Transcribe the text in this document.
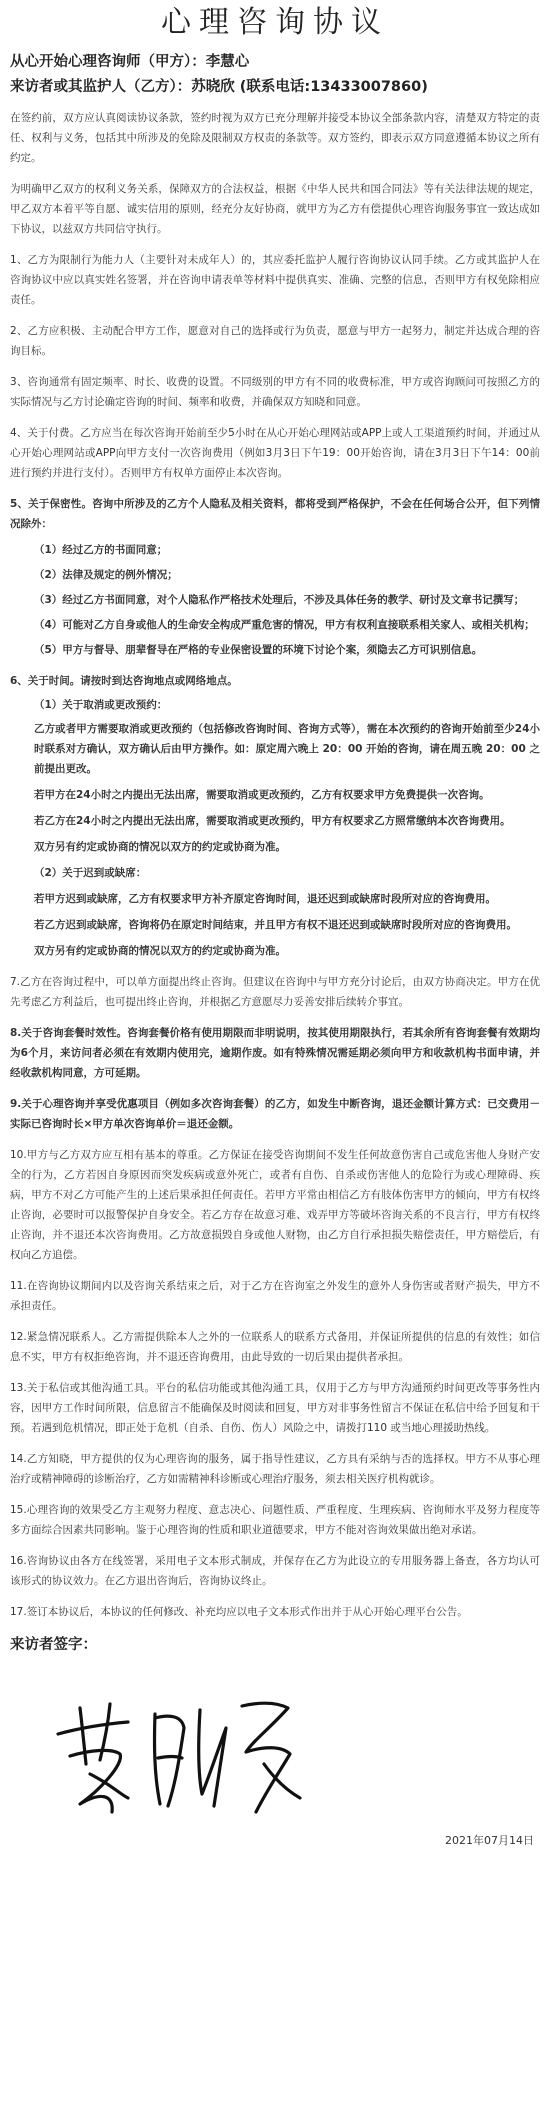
心理咨询协议
从心开始心理咨询师（甲方）：李慧心
来访者或其监护人（乙方）：苏晓欣 (联系电话:13433007860)

在签约前，双方应认真阅读协议条款，签约时视为双方已充分理解并接受本协议全部条款内容，清楚双方特定的责任、权利与义务，包括其中所涉及的免除及限制双方权责的条款等。双方签约，即表示双方同意遵循本协议之所有约定。

为明确甲乙双方的权利义务关系，保障双方的合法权益，根据《中华人民共和国合同法》等有关法律法规的规定，甲乙双方本着平等自愿、诚实信用的原则，经充分友好协商，就甲方为乙方有偿提供心理咨询服务事宜一致达成如下协议，以兹双方共同信守执行。

1、乙方为限制行为能力人（主要针对未成年人）的，其应委托监护人履行咨询协议认同手续。乙方或其监护人在咨询协议中应以真实姓名签署，并在咨询申请表单等材料中提供真实、准确、完整的信息，否则甲方有权免除相应责任。

2、乙方应积极、主动配合甲方工作，愿意对自己的选择或行为负责，愿意与甲方一起努力，制定并达成合理的咨询目标。

3、咨询通常有固定频率、时长、收费的设置。不同级别的甲方有不同的收费标准，甲方或咨询顾问可按照乙方的实际情况与乙方讨论确定咨询的时间、频率和收费，并确保双方知晓和同意。

4、关于付费。乙方应当在每次咨询开始前至少5小时在从心开始心理网站或APP上或人工渠道预约时间，并通过从心开始心理网站或APP向甲方支付一次咨询费用（例如3月3日下午19：00开始咨询，请在3月3日下午14：00前进行预约并进行支付）。否则甲方有权单方面停止本次咨询。

5、关于保密性。咨询中所涉及的乙方个人隐私及相关资料，都将受到严格保护，不会在任何场合公开，但下列情况除外：

（1）经过乙方的书面同意；

（2）法律及规定的例外情况；

（3）经过乙方书面同意，对个人隐私作严格技术处理后，不涉及具体任务的教学、研讨及文章书记撰写；

（4）可能对乙方自身或他人的生命安全构成严重危害的情况，甲方有权利直接联系相关家人、或相关机构；

（5）甲方与督导、朋辈督导在严格的专业保密设置的环境下讨论个案，须隐去乙方可识别信息。

6、关于时间。请按时到达咨询地点或网络地点。

（1）关于取消或更改预约：

乙方或者甲方需要取消或更改预约（包括修改咨询时间、咨询方式等），需在本次预约的咨询开始前至少24小时联系对方确认，双方确认后由甲方操作。如：原定周六晚上 20：00 开始的咨询，请在周五晚 20：00 之前提出更改。

若甲方在24小时之内提出无法出席，需要取消或更改预约，乙方有权要求甲方免费提供一次咨询。

若乙方在24小时之内提出无法出席，需要取消或更改预约，甲方有权要求乙方照常缴纳本次咨询费用。

双方另有约定或协商的情况以双方的约定或协商为准。

（2）关于迟到或缺席：

若甲方迟到或缺席，乙方有权要求甲方补齐原定咨询时间，退还迟到或缺席时段所对应的咨询费用。

若乙方迟到或缺席，咨询将仍在原定时间结束，并且甲方有权不退还迟到或缺席时段所对应的咨询费用。

双方另有约定或协商的情况以双方的约定或协商为准。

7.乙方在咨询过程中，可以单方面提出终止咨询。但建议在咨询中与甲方充分讨论后，由双方协商决定。甲方在优先考虑乙方利益后，也可提出终止咨询，并根据乙方意愿尽力妥善安排后续转介事宜。

8.关于咨询套餐时效性。咨询套餐价格有使用期限而非明说明，按其使用期限执行，若其余所有咨询套餐有效期均为6个月，来访问者必须在有效期内使用完，逾期作废。如有特殊情况需延期必须向甲方和收款机构书面申请，并经收款机构同意，方可延期。

9.关于心理咨询并享受优惠项目（例如多次咨询套餐）的乙方，如发生中断咨询，退还金额计算方式：已交费用－实际已咨询时长×甲方单次咨询单价＝退还金额。

10.甲方与乙方双方应互相有基本的尊重。乙方保证在接受咨询期间不发生任何故意伤害自己或危害他人身财产安全的行为，乙方若因自身原因而突发疾病或意外死亡，或者有自伤、自杀或伤害他人的危险行为或心理障碍、疾病，甲方不对乙方可能产生的上述后果承担任何责任。若甲方平常由相信乙方有肢体伤害甲方的倾向，甲方有权终止咨询，必要时可以报警保护自身安全。若乙方存在故意习难、戏弄甲方等破坏咨询关系的不良言行，甲方有权终止咨询，并不退还本次咨询费用。乙方故意损毁自身或他人财物，由乙方自行承担损失赔偿责任，甲方赔偿后，有权向乙方追偿。

11.在咨询协议期间内以及咨询关系结束之后，对于乙方在咨询室之外发生的意外人身伤害或者财产损失，甲方不承担责任。

12.紧急情况联系人。乙方需提供除本人之外的一位联系人的联系方式备用，并保证所提供的信息的有效性；如信息不实，甲方有权拒绝咨询，并不退还咨询费用，由此导致的一切后果由提供者承担。

13.关于私信或其他沟通工具。平台的私信功能或其他沟通工具，仅用于乙方与甲方沟通预约时间更改等事务性内容，因甲方工作时间所限，信息留言不能确保及时阅读和回复，甲方对非事务性留言不保证在私信中给予回复和干预。若遇到危机情况，即正处于危机（自杀、自伤、伤人）风险之中，请拨打110 或当地心理援助热线。

14.乙方知晓，甲方提供的仅为心理咨询的服务，属于指导性建议，乙方具有采纳与否的选择权。甲方不从事心理治疗或精神障碍的诊断治疗，乙方如需精神科诊断或心理治疗服务，须去相关医疗机构就诊。

15.心理咨询的效果受乙方主观努力程度、意志决心、问题性质、严重程度、生理疾病、咨询师水平及努力程度等多方面综合因素共同影响。鉴于心理咨询的性质和职业道德要求，甲方不能对咨询效果做出绝对承诺。

16.咨询协议由各方在线签署，采用电子文本形式制成，并保存在乙方为此设立的专用服务器上备查，各方均认可该形式的协议效力。在乙方退出咨询后，咨询协议终止。

17.签订本协议后，本协议的任何修改、补充均应以电子文本形式作出并于从心开始心理平台公告。

来访者签字：
2021年07月14日
